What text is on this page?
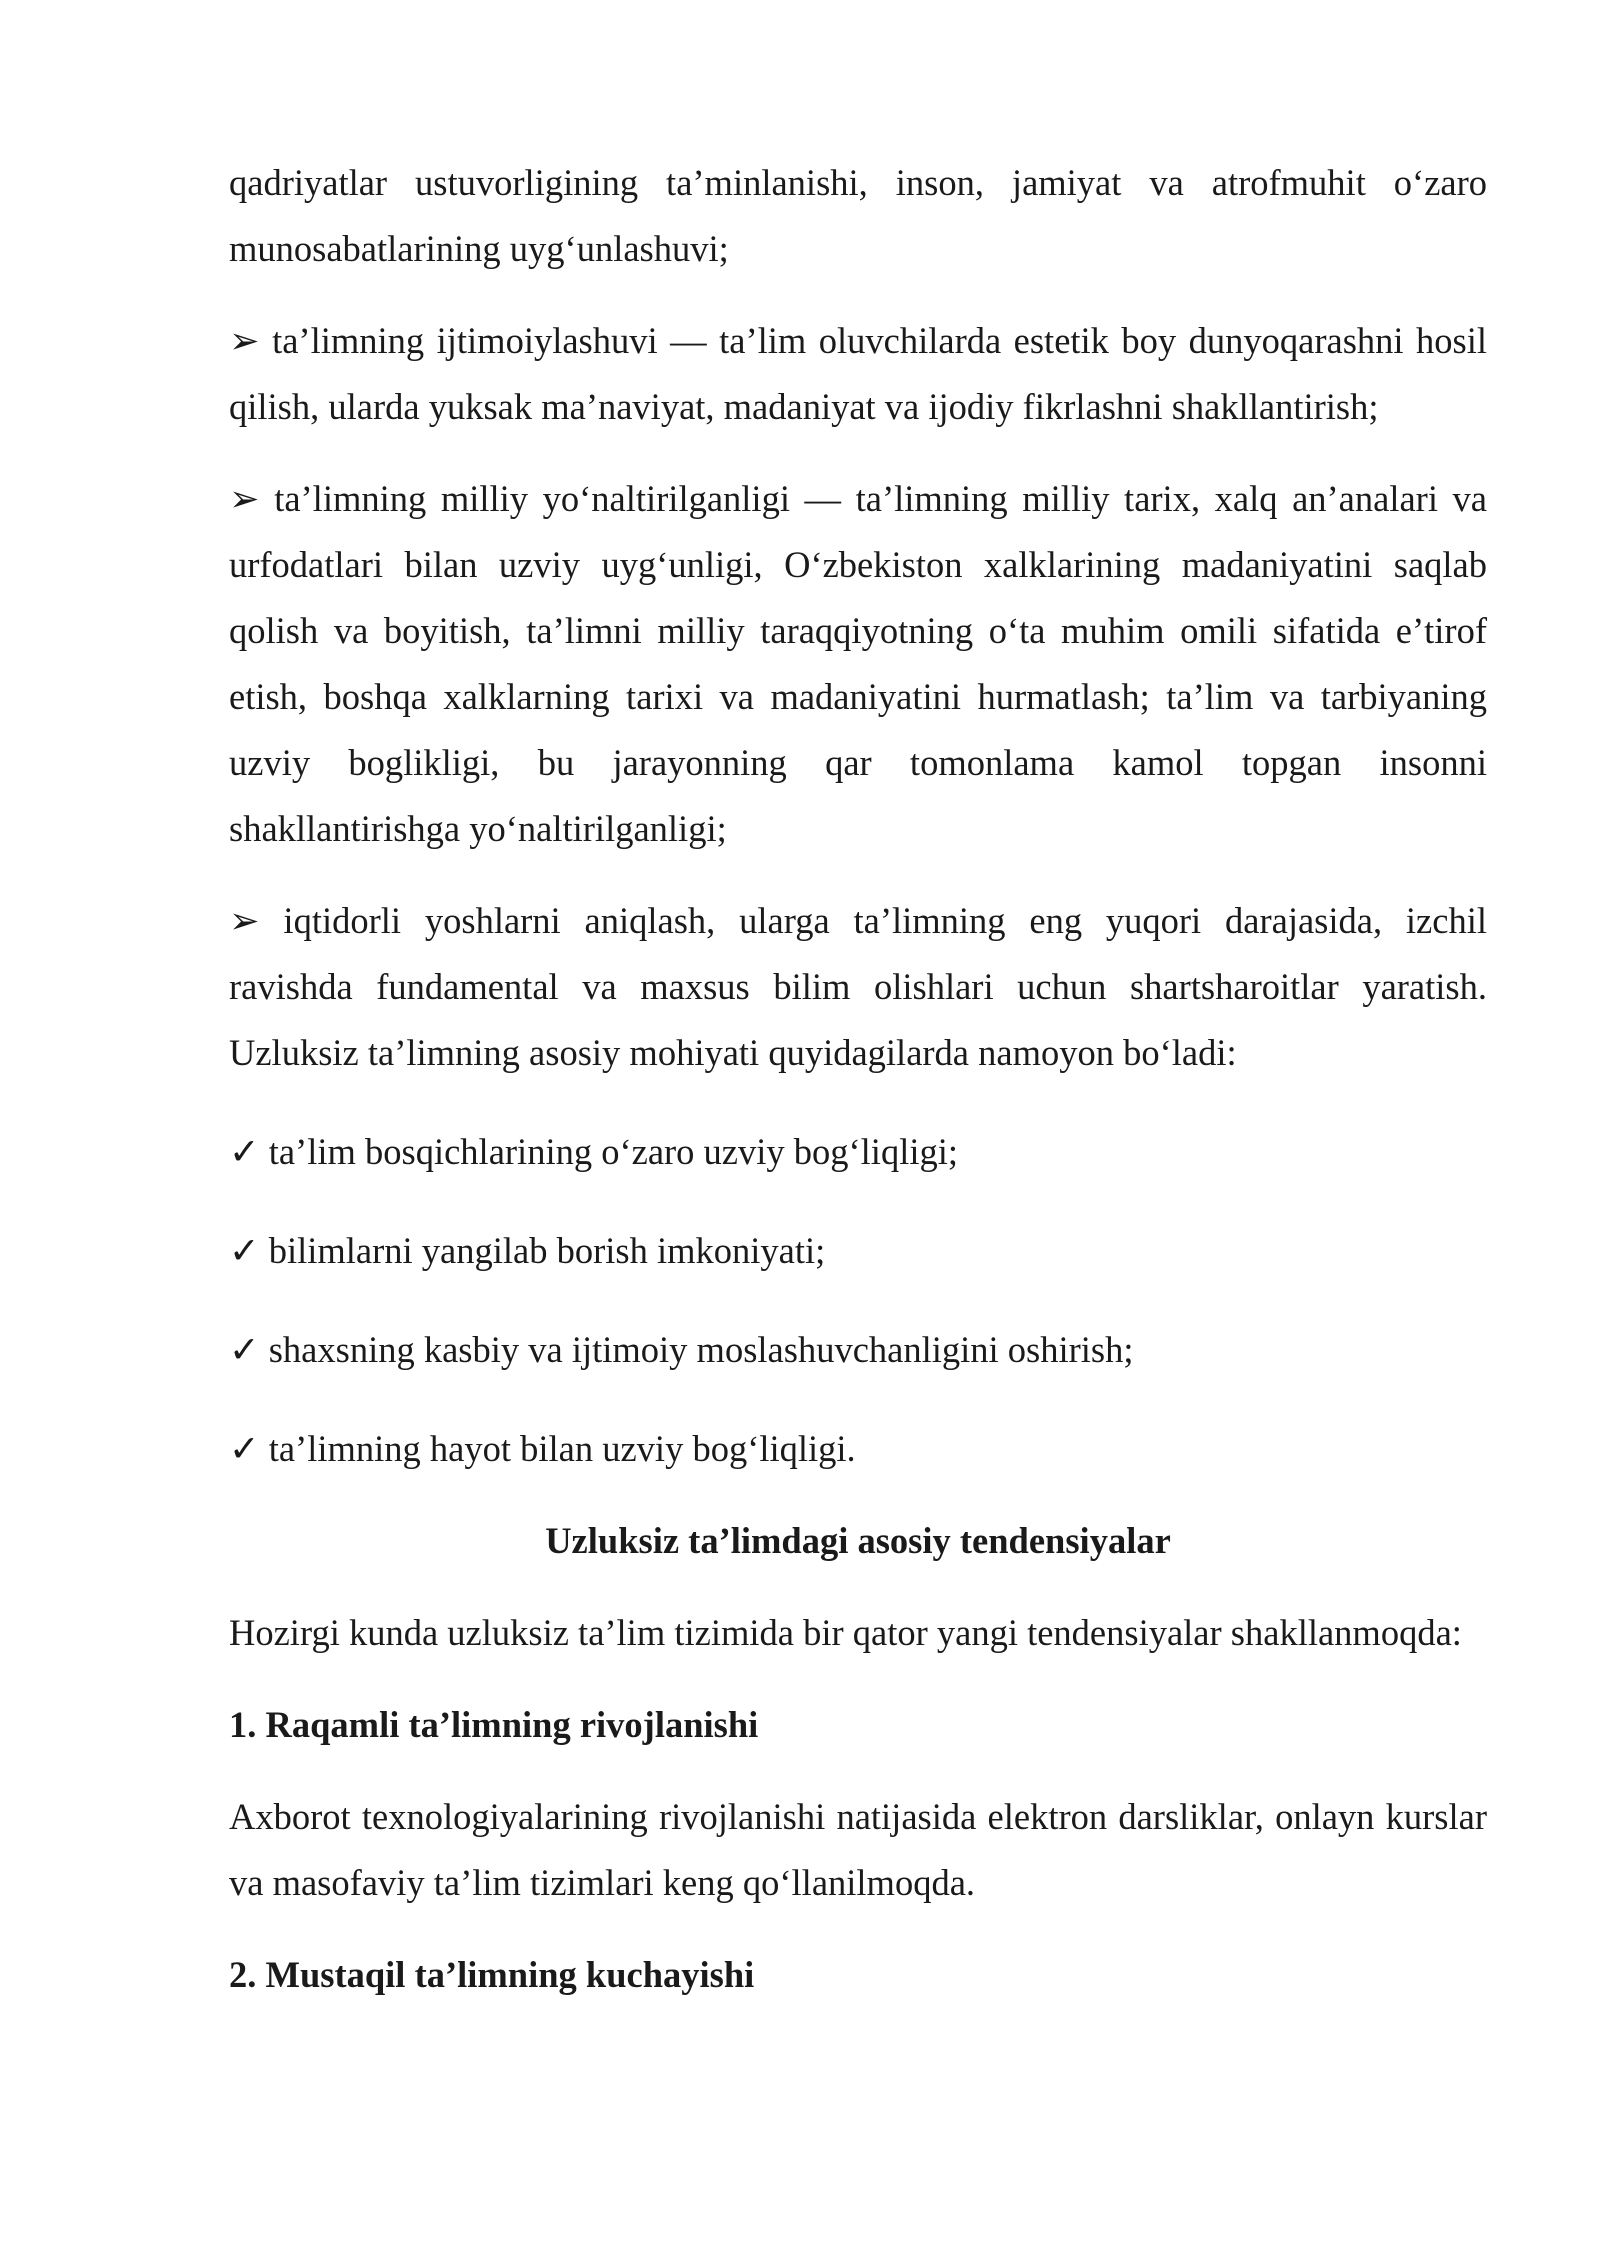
qadriyatlar ustuvorligining taʼminlanishi, inson, jamiyat va atrofmuhit oʻzaro munosabatlarining uygʻunlashuvi;

➢ taʼlimning ijtimoiylashuvi — taʼlim oluvchilarda estetik boy dunyoqarashni hosil qilish, ularda yuksak maʼnaviyat, madaniyat va ijodiy fikrlashni shakllantirish;

➢ taʼlimning milliy yoʻnaltirilganligi — taʼlimning milliy tarix, xalq anʼanalari va urfodatlari bilan uzviy uygʻunligi, Oʻzbekiston xalklarining madaniyatini saqlab qolish va boyitish, taʼlimni milliy taraqqiyotning oʻta muhim omili sifatida eʼtirof etish, boshqa xalklarning tarixi va madaniyatini hurmatlash; taʼlim va tarbiyaning uzviy boglikligi, bu jarayonning qar tomonlama kamol topgan insonni shakllantirishga yoʻnaltirilganligi;

➢ iqtidorli yoshlarni aniqlash, ularga taʼlimning eng yuqori darajasida, izchil ravishda fundamental va maxsus bilim olishlari uchun shartsharoitlar yaratish. Uzluksiz taʼlimning asosiy mohiyati quyidagilarda namoyon boʻladi:

✓ taʼlim bosqichlarining oʻzaro uzviy bogʻliqligi;

✓ bilimlarni yangilab borish imkoniyati;

✓ shaxsning kasbiy va ijtimoiy moslashuvchanligini oshirish;

✓ taʼlimning hayot bilan uzviy bogʻliqligi.

Uzluksiz taʼlimdagi asosiy tendensiyalar

Hozirgi kunda uzluksiz taʼlim tizimida bir qator yangi tendensiyalar shakllanmoqda:

1. Raqamli taʼlimning rivojlanishi

Axborot texnologiyalarining rivojlanishi natijasida elektron darsliklar, onlayn kurslar va masofaviy taʼlim tizimlari keng qoʻllanilmoqda.

2. Mustaqil taʼlimning kuchayishi
